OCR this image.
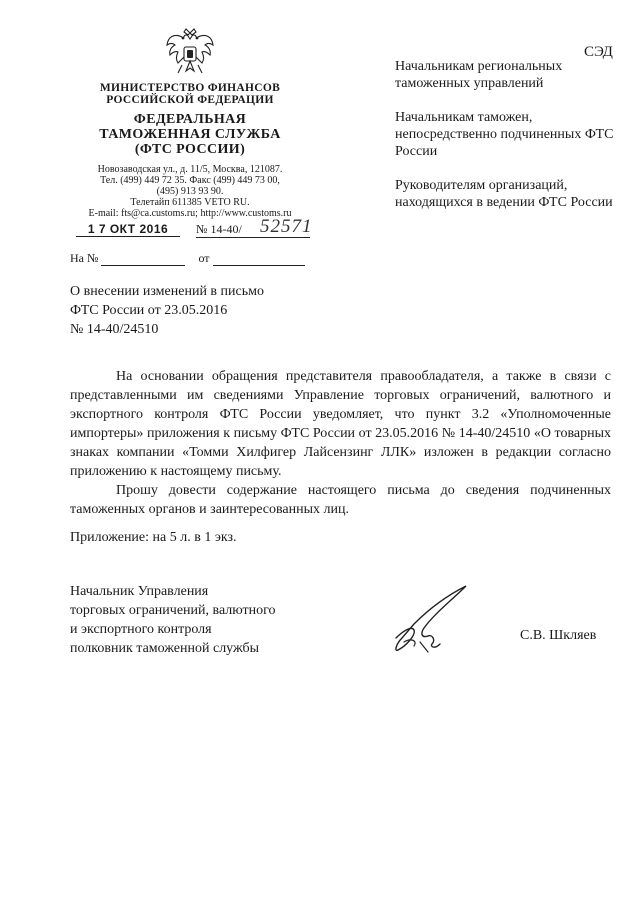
СЭД
МИНИСТЕРСТВО ФИНАНСОВ
РОССИЙСКОЙ ФЕДЕРАЦИИ
ФЕДЕРАЛЬНАЯ
ТАМОЖЕННАЯ СЛУЖБА
(ФТС РОССИИ)
Новозаводская ул., д. 11/5, Москва, 121087.
Тел. (499) 449 72 35. Факс (499) 449 73 00,
(495) 913 93 90.
Телетайп 611385 VETO RU.
E-mail: fts@ca.customs.ru; http://www.customs.ru
1 7 ОКТ 2016	№ 14-40/ 52571
На №	от

Начальникам региональных таможенных управлений

Начальникам таможен, непосредственно подчиненных ФТС России

Руководителям организаций, находящихся в ведении ФТС России

О внесении изменений в письмо
ФТС России от 23.05.2016
№ 14-40/24510

На основании обращения представителя правообладателя, а также в связи с представленными им сведениями Управление торговых ограничений, валютного и экспортного контроля ФТС России уведомляет, что пункт 3.2 «Уполномоченные импортеры» приложения к письму ФТС России от 23.05.2016 № 14-40/24510 «О товарных знаках компании «Томми Хилфигер Лайсензинг ЛЛК» изложен в редакции согласно приложению к настоящему письму.

Прошу довести содержание настоящего письма до сведения подчиненных таможенных органов и заинтересованных лиц.

Приложение: на 5 л. в 1 экз.
Начальник Управления
торговых ограничений, валютного
и экспортного контроля
полковник таможенной службы
С.В. Шкляев
